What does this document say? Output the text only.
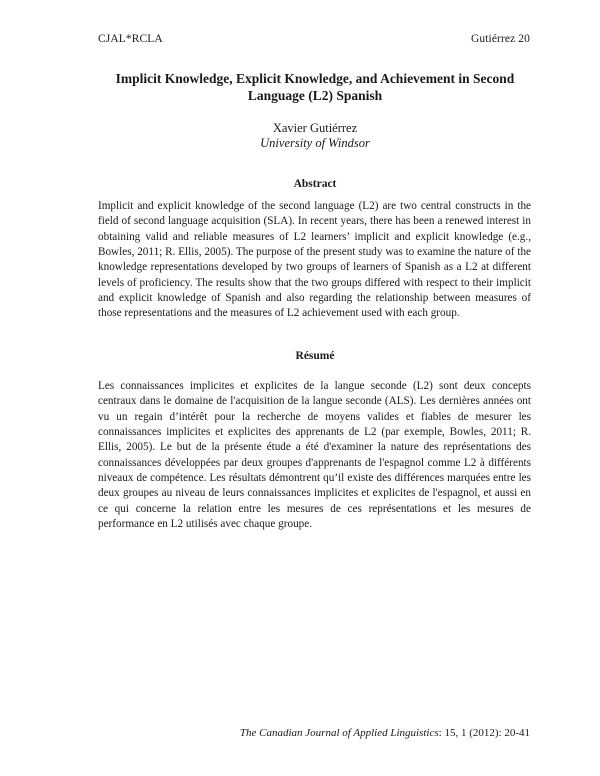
CJAL*RCLA	Gutiérrez 20
Implicit Knowledge, Explicit Knowledge, and Achievement in Second Language (L2) Spanish
Xavier Gutiérrez
University of Windsor
Abstract

Implicit and explicit knowledge of the second language (L2) are two central constructs in the field of second language acquisition (SLA). In recent years, there has been a renewed interest in obtaining valid and reliable measures of L2 learners’ implicit and explicit knowledge (e.g., Bowles, 2011; R. Ellis, 2005). The purpose of the present study was to examine the nature of the knowledge representations developed by two groups of learners of Spanish as a L2 at different levels of proficiency. The results show that the two groups differed with respect to their implicit and explicit knowledge of Spanish and also regarding the relationship between measures of those representations and the measures of L2 achievement used with each group.

Résumé

Les connaissances implicites et explicites de la langue seconde (L2) sont deux concepts centraux dans le domaine de l'acquisition de la langue seconde (ALS). Les dernières années ont vu un regain d’intérêt pour la recherche de moyens valides et fiables de mesurer les connaissances implicites et explicites des apprenants de L2 (par exemple, Bowles, 2011; R. Ellis, 2005). Le but de la présente étude a été d'examiner la nature des représentations des connaissances développées par deux groupes d'apprenants de l'espagnol comme L2 à différents niveaux de compétence. Les résultats démontrent qu’il existe des différences marquées entre les deux groupes au niveau de leurs connaissances implicites et explicites de l'espagnol, et aussi en ce qui concerne la relation entre les mesures de ces représentations et les mesures de performance en L2 utilisés avec chaque groupe.

The Canadian Journal of Applied Linguistics: 15, 1 (2012): 20-41
